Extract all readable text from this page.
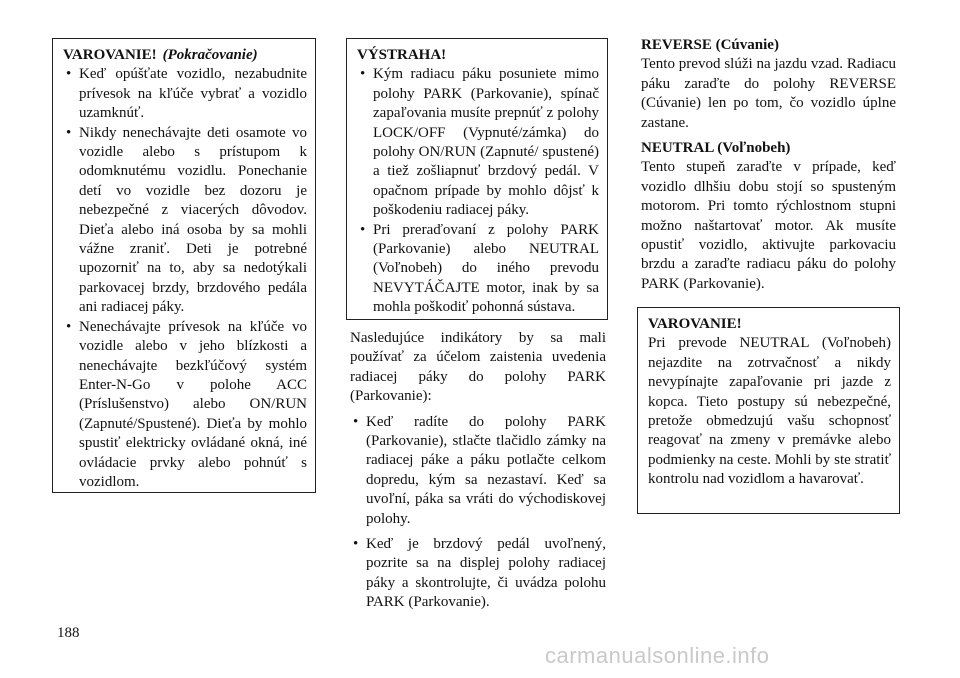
VAROVANIE! (Pokračovanie)
• Keď opúšťate vozidlo, nezabudnite prívesok na kľúče vybrať a vozidlo uzamknúť.
• Nikdy nenechávajte deti osamote vo vozidle alebo s prístupom k odomknutému vozidlu. Ponechanie detí vo vozidle bez dozoru je nebezpečné z viacerých dôvodov. Dieťa alebo iná osoba by sa mohli vážne zraniť. Deti je potrebné upozorniť na to, aby sa nedotýkali parkovacej brzdy, brzdového pedála ani radiacej páky.
• Nenechávajte prívesok na kľúče vo vozidle alebo v jeho blízkosti a nenechávajte bezkľúčový systém Enter-N-Go v polohe ACC (Príslušenstvo) alebo ON/RUN (Zapnuté/Spustené). Dieťa by mohlo spustiť elektricky ovládané okná, iné ovládacie prvky alebo pohnúť s vozidlom.
VÝSTRAHA!
• Kým radiacu páku posuniete mimo polohy PARK (Parkovanie), spínač zapaľovania musíte prepnúť z polohy LOCK/OFF (Vypnuté/zámka) do polohy ON/RUN (Zapnuté/ spustené) a tiež zošliapnuť brzdový pedál. V opačnom prípade by mohlo dôjsť k poškodeniu radiacej páky.
• Pri preraďovaní z polohy PARK (Parkovanie) alebo NEUTRAL (Voľnobeh) do iného prevodu NEVYTÁČAJTE motor, inak by sa mohla poškodiť pohonná sústava.

Nasledujúce indikátory by sa mali používať za účelom zaistenia uvedenia radiacej páky do polohy PARK (Parkovanie):

• Keď radíte do polohy PARK (Parkovanie), stlačte tlačidlo zámky na radiacej páke a páku potlačte celkom dopredu, kým sa nezastaví. Keď sa uvoľní, páka sa vráti do východiskovej polohy.
• Keď je brzdový pedál uvoľnený, pozrite sa na displej polohy radiacej páky a skontrolujte, či uvádza polohu PARK (Parkovanie).
REVERSE (Cúvanie)

Tento prevod slúži na jazdu vzad. Radiacu páku zaraďte do polohy REVERSE (Cúvanie) len po tom, čo vozidlo úplne zastane.

NEUTRAL (Voľnobeh)

Tento stupeň zaraďte v prípade, keď vozidlo dlhšiu dobu stojí so spusteným motorom. Pri tomto rýchlostnom stupni možno naštartovať motor. Ak musíte opustiť vozidlo, aktivujte parkovaciu brzdu a zaraďte radiacu páku do polohy PARK (Parkovanie).

VAROVANIE!

Pri prevode NEUTRAL (Voľnobeh) nejazdite na zotrvačnosť a nikdy nevypínajte zapaľovanie pri jazde z kopca. Tieto postupy sú nebezpečné, pretože obmedzujú vašu schopnosť reagovať na zmeny v premávke alebo podmienky na ceste. Mohli by ste stratiť kontrolu nad vozidlom a havarovať.

188
carmanualsonline.info
